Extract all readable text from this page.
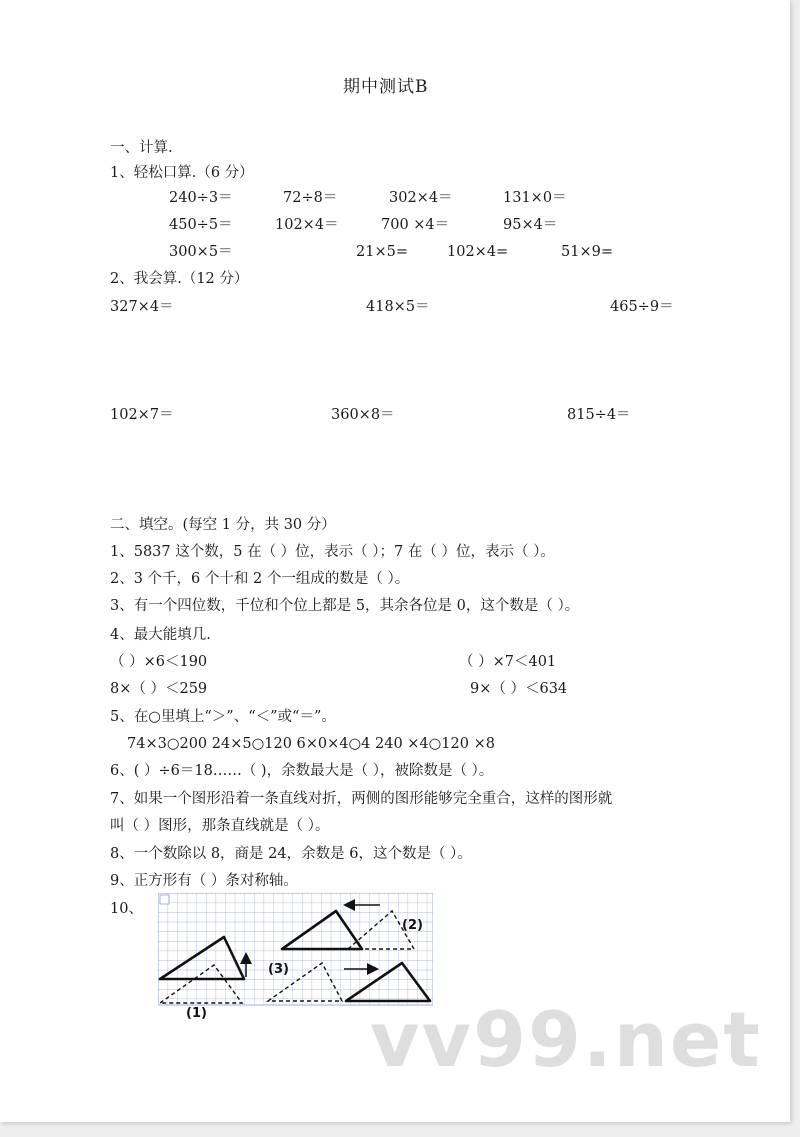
期中测试B
一、计算.
1、轻松口算.（6 分）
240÷3＝	72÷8＝	302×4＝	131×0＝
450÷5＝	102×4＝	700 ×4＝	95×4＝
300×5＝	21×5=	102×4=	51×9=
2、我会算.（12 分）
327×4＝	418×5＝	465÷9＝
102×7＝	360×8＝	815÷4＝
二、填空。(每空 1 分，共 30 分）
1、5837 这个数，5 在（ ）位，表示（ ）；7 在（ ）位，表示（ ）。
2、3 个千，6 个十和 2 个一组成的数是（ ）。
3、有一个四位数，千位和个位上都是 5，其余各位是 0，这个数是（ ）。
4、最大能填几.
（ ）×6＜190	（ ）×7＜401
8×（ ）＜259	9×（ ）＜634
5、在○里填上“＞”、“＜”或“＝”。
74×3○200 24×5○120 6×0×4○4 240 ×4○120 ×8
6、( ）÷6＝18……（ )，余数最大是（ ），被除数是（ ）。
7、如果一个图形沿着一条直线对折，两侧的图形能够完全重合，这样的图形就
叫（ ）图形，那条直线就是（ ）。
8、一个数除以 8，商是 24，余数是 6，这个数是（ ）。
9、正方形有（ ）条对称轴。
10、
(1)
(2)
(3)
vv99.net
